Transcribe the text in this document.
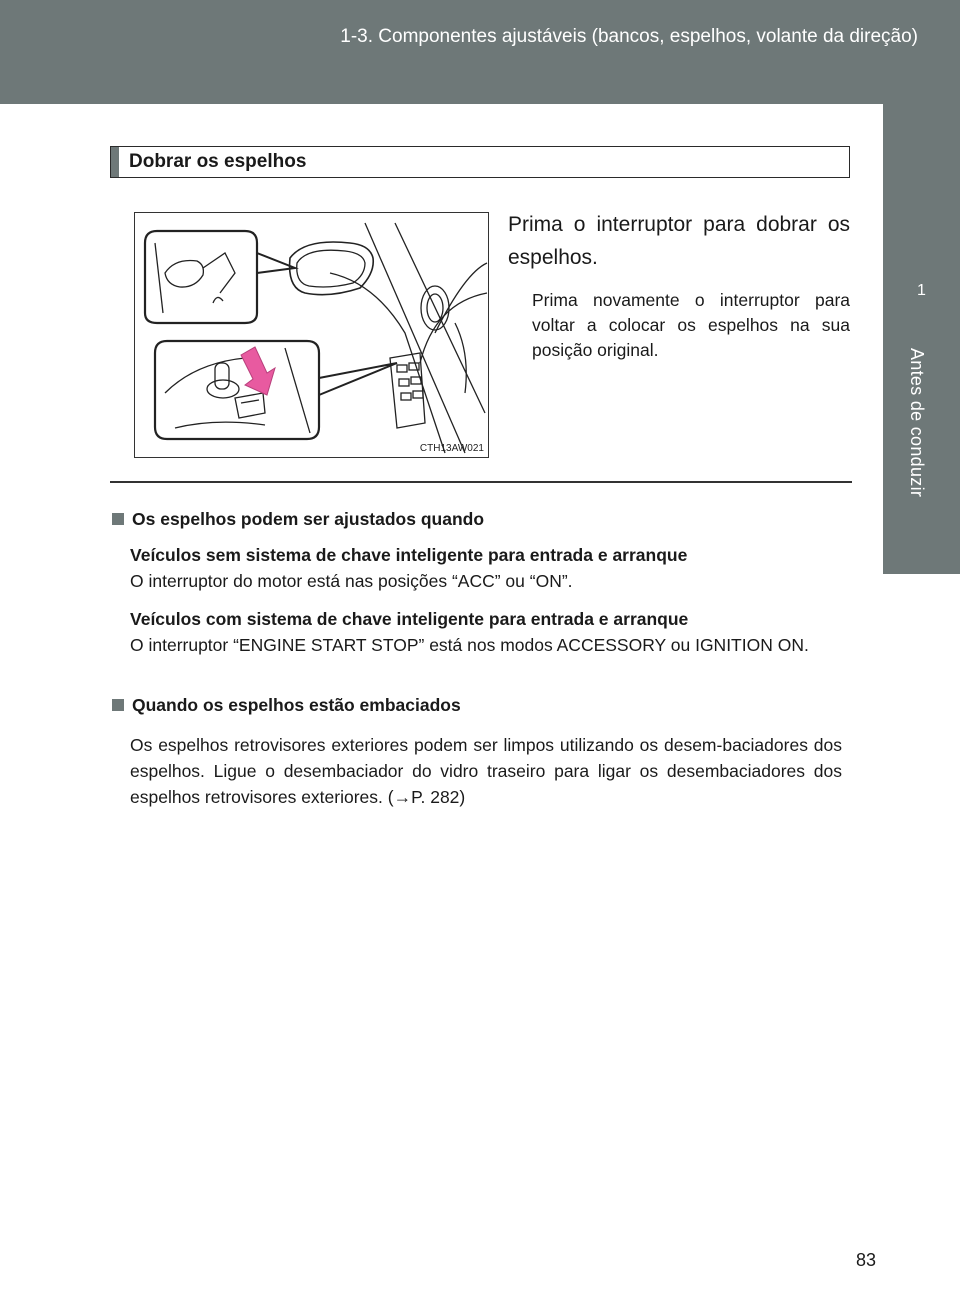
1-3. Componentes ajustáveis (bancos, espelhos, volante da direção)
1
Antes de conduzir
Dobrar os espelhos
CTH13AW021
Prima o interruptor para dobrar os espelhos.
Prima novamente o interruptor para voltar a colocar os espelhos na sua posição original.
Os espelhos podem ser ajustados quando
Veículos sem sistema de chave inteligente para entrada e arranque
O interruptor do motor está nas posições “ACC” ou “ON”.
Veículos com sistema de chave inteligente para entrada e arranque
O interruptor “ENGINE START STOP” está nos modos ACCESSORY ou IGNITION ON.
Quando os espelhos estão embaciados
Os espelhos retrovisores exteriores podem ser limpos utilizando os desem-baciadores dos espelhos. Ligue o desembaciador do vidro traseiro para ligar os desembaciadores dos espelhos retrovisores exteriores. (→P. 282)
83
